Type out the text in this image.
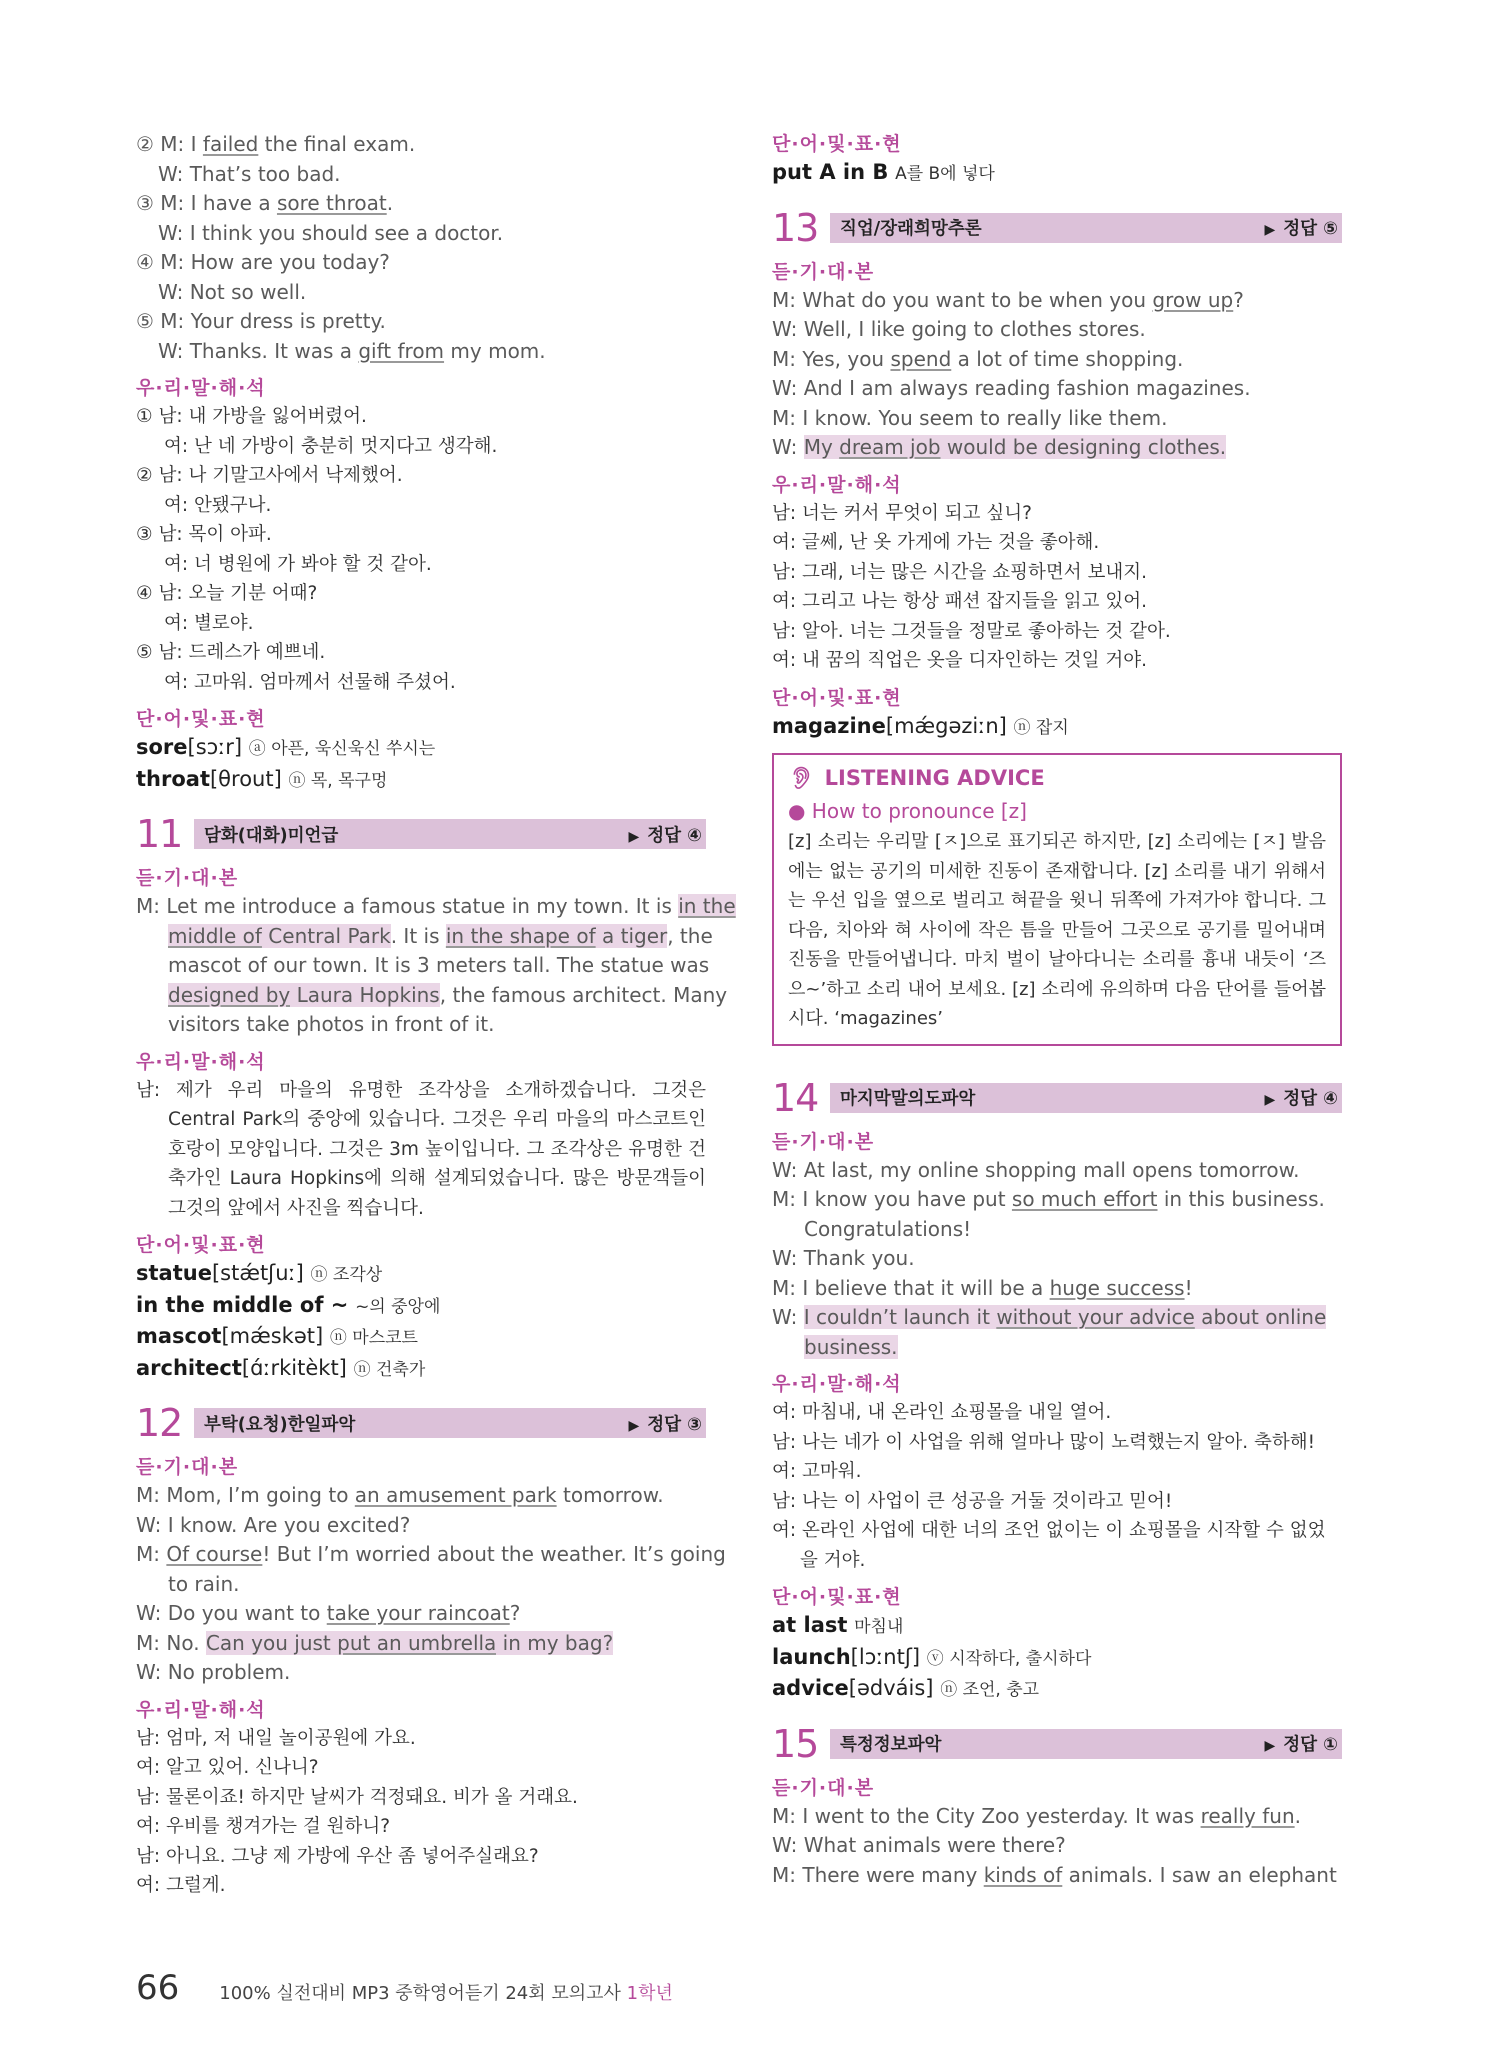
② M: I failed the final exam.
W: That’s too bad.
③ M: I have a sore throat.
W: I think you should see a doctor.
④ M: How are you today?
W: Not so well.
⑤ M: Your dress is pretty.
W: Thanks. It was a gift from my mom.
우·리·말·해·석
① 남: 내 가방을 잃어버렸어.
여: 난 네 가방이 충분히 멋지다고 생각해.
② 남: 나 기말고사에서 낙제했어.
여: 안됐구나.
③ 남: 목이 아파.
여: 너 병원에 가 봐야 할 것 같아.
④ 남: 오늘 기분 어때?
여: 별로야.
⑤ 남: 드레스가 예쁘네.
여: 고마워. 엄마께서 선물해 주셨어.
단·어·및·표·현
sore[sɔːr] ⓐ 아픈, 욱신욱신 쑤시는
throat[θrout] ⓝ 목, 목구멍
11	담화(대화)미언급	▶ 정답 ④
듣·기·대·본
M: Let me introduce a famous statue in my town. It is in the
middle of Central Park. It is in the shape of a tiger, the
mascot of our town. It is 3 meters tall. The statue was
designed by Laura Hopkins, the famous architect. Many
visitors take photos in front of it.
우·리·말·해·석
남: 제가 우리 마을의 유명한 조각상을 소개하겠습니다. 그것은 Central Park의 중앙에 있습니다. 그것은 우리 마을의 마스코트인 호랑이 모양입니다. 그것은 3m 높이입니다. 그 조각상은 유명한 건축가인 Laura Hopkins에 의해 설계되었습니다. 많은 방문객들이 그것의 앞에서 사진을 찍습니다.
단·어·및·표·현
statue[stǽtʃuː] ⓝ 조각상
in the middle of ~ ~의 중앙에
mascot[mǽskət] ⓝ 마스코트
architect[ɑ́ːrkitèkt] ⓝ 건축가
12	부탁(요청)한일파악	▶ 정답 ③
듣·기·대·본
M: Mom, I’m going to an amusement park tomorrow.
W: I know. Are you excited?
M: Of course! But I’m worried about the weather. It’s going
to rain.
W: Do you want to take your raincoat?
M: No. Can you just put an umbrella in my bag?
W: No problem.
우·리·말·해·석
남: 엄마, 저 내일 놀이공원에 가요.
여: 알고 있어. 신나니?
남: 물론이죠! 하지만 날씨가 걱정돼요. 비가 올 거래요.
여: 우비를 챙겨가는 걸 원하니?
남: 아니요. 그냥 제 가방에 우산 좀 넣어주실래요?
여: 그럴게.
단·어·및·표·현
put A in B A를 B에 넣다
13	직업/장래희망추론	▶ 정답 ⑤
듣·기·대·본
M: What do you want to be when you grow up?
W: Well, I like going to clothes stores.
M: Yes, you spend a lot of time shopping.
W: And I am always reading fashion magazines.
M: I know. You seem to really like them.
W: My dream job would be designing clothes.
우·리·말·해·석
남: 너는 커서 무엇이 되고 싶니?
여: 글쎄, 난 옷 가게에 가는 것을 좋아해.
남: 그래, 너는 많은 시간을 쇼핑하면서 보내지.
여: 그리고 나는 항상 패션 잡지들을 읽고 있어.
남: 알아. 너는 그것들을 정말로 좋아하는 것 같아.
여: 내 꿈의 직업은 옷을 디자인하는 것일 거야.
단·어·및·표·현
magazine[mǽgəziːn] ⓝ 잡지
👂︎ LISTENING ADVICE
● How to pronounce [z]
[z] 소리는 우리말 [ㅈ]으로 표기되곤 하지만, [z] 소리에는 [ㅈ] 발음에는 없는 공기의 미세한 진동이 존재합니다. [z] 소리를 내기 위해서는 우선 입을 옆으로 벌리고 혀끝을 윗니 뒤쪽에 가져가야 합니다. 그다음, 치아와 혀 사이에 작은 틈을 만들어 그곳으로 공기를 밀어내며 진동을 만들어냅니다. 마치 벌이 날아다니는 소리를 흉내 내듯이 ‘즈으~’하고 소리 내어 보세요. [z] 소리에 유의하며 다음 단어를 들어봅시다. ‘magazines’
14	마지막말의도파악	▶ 정답 ④
듣·기·대·본
W: At last, my online shopping mall opens tomorrow.
M: I know you have put so much effort in this business.
Congratulations!
W: Thank you.
M: I believe that it will be a huge success!
W: I couldn’t launch it without your advice about online
business.
우·리·말·해·석
여: 마침내, 내 온라인 쇼핑몰을 내일 열어.
남: 나는 네가 이 사업을 위해 얼마나 많이 노력했는지 알아. 축하해!
여: 고마워.
남: 나는 이 사업이 큰 성공을 거둘 것이라고 믿어!
여: 온라인 사업에 대한 너의 조언 없이는 이 쇼핑몰을 시작할 수 없었
을 거야.
단·어·및·표·현
at last 마침내
launch[lɔːntʃ] ⓥ 시작하다, 출시하다
advice[ədváis] ⓝ 조언, 충고
15	특정정보파악	▶ 정답 ①
듣·기·대·본
M: I went to the City Zoo yesterday. It was really fun.
W: What animals were there?
M: There were many kinds of animals. I saw an elephant
66 100% 실전대비 MP3 중학영어듣기 24회 모의고사 1학년
